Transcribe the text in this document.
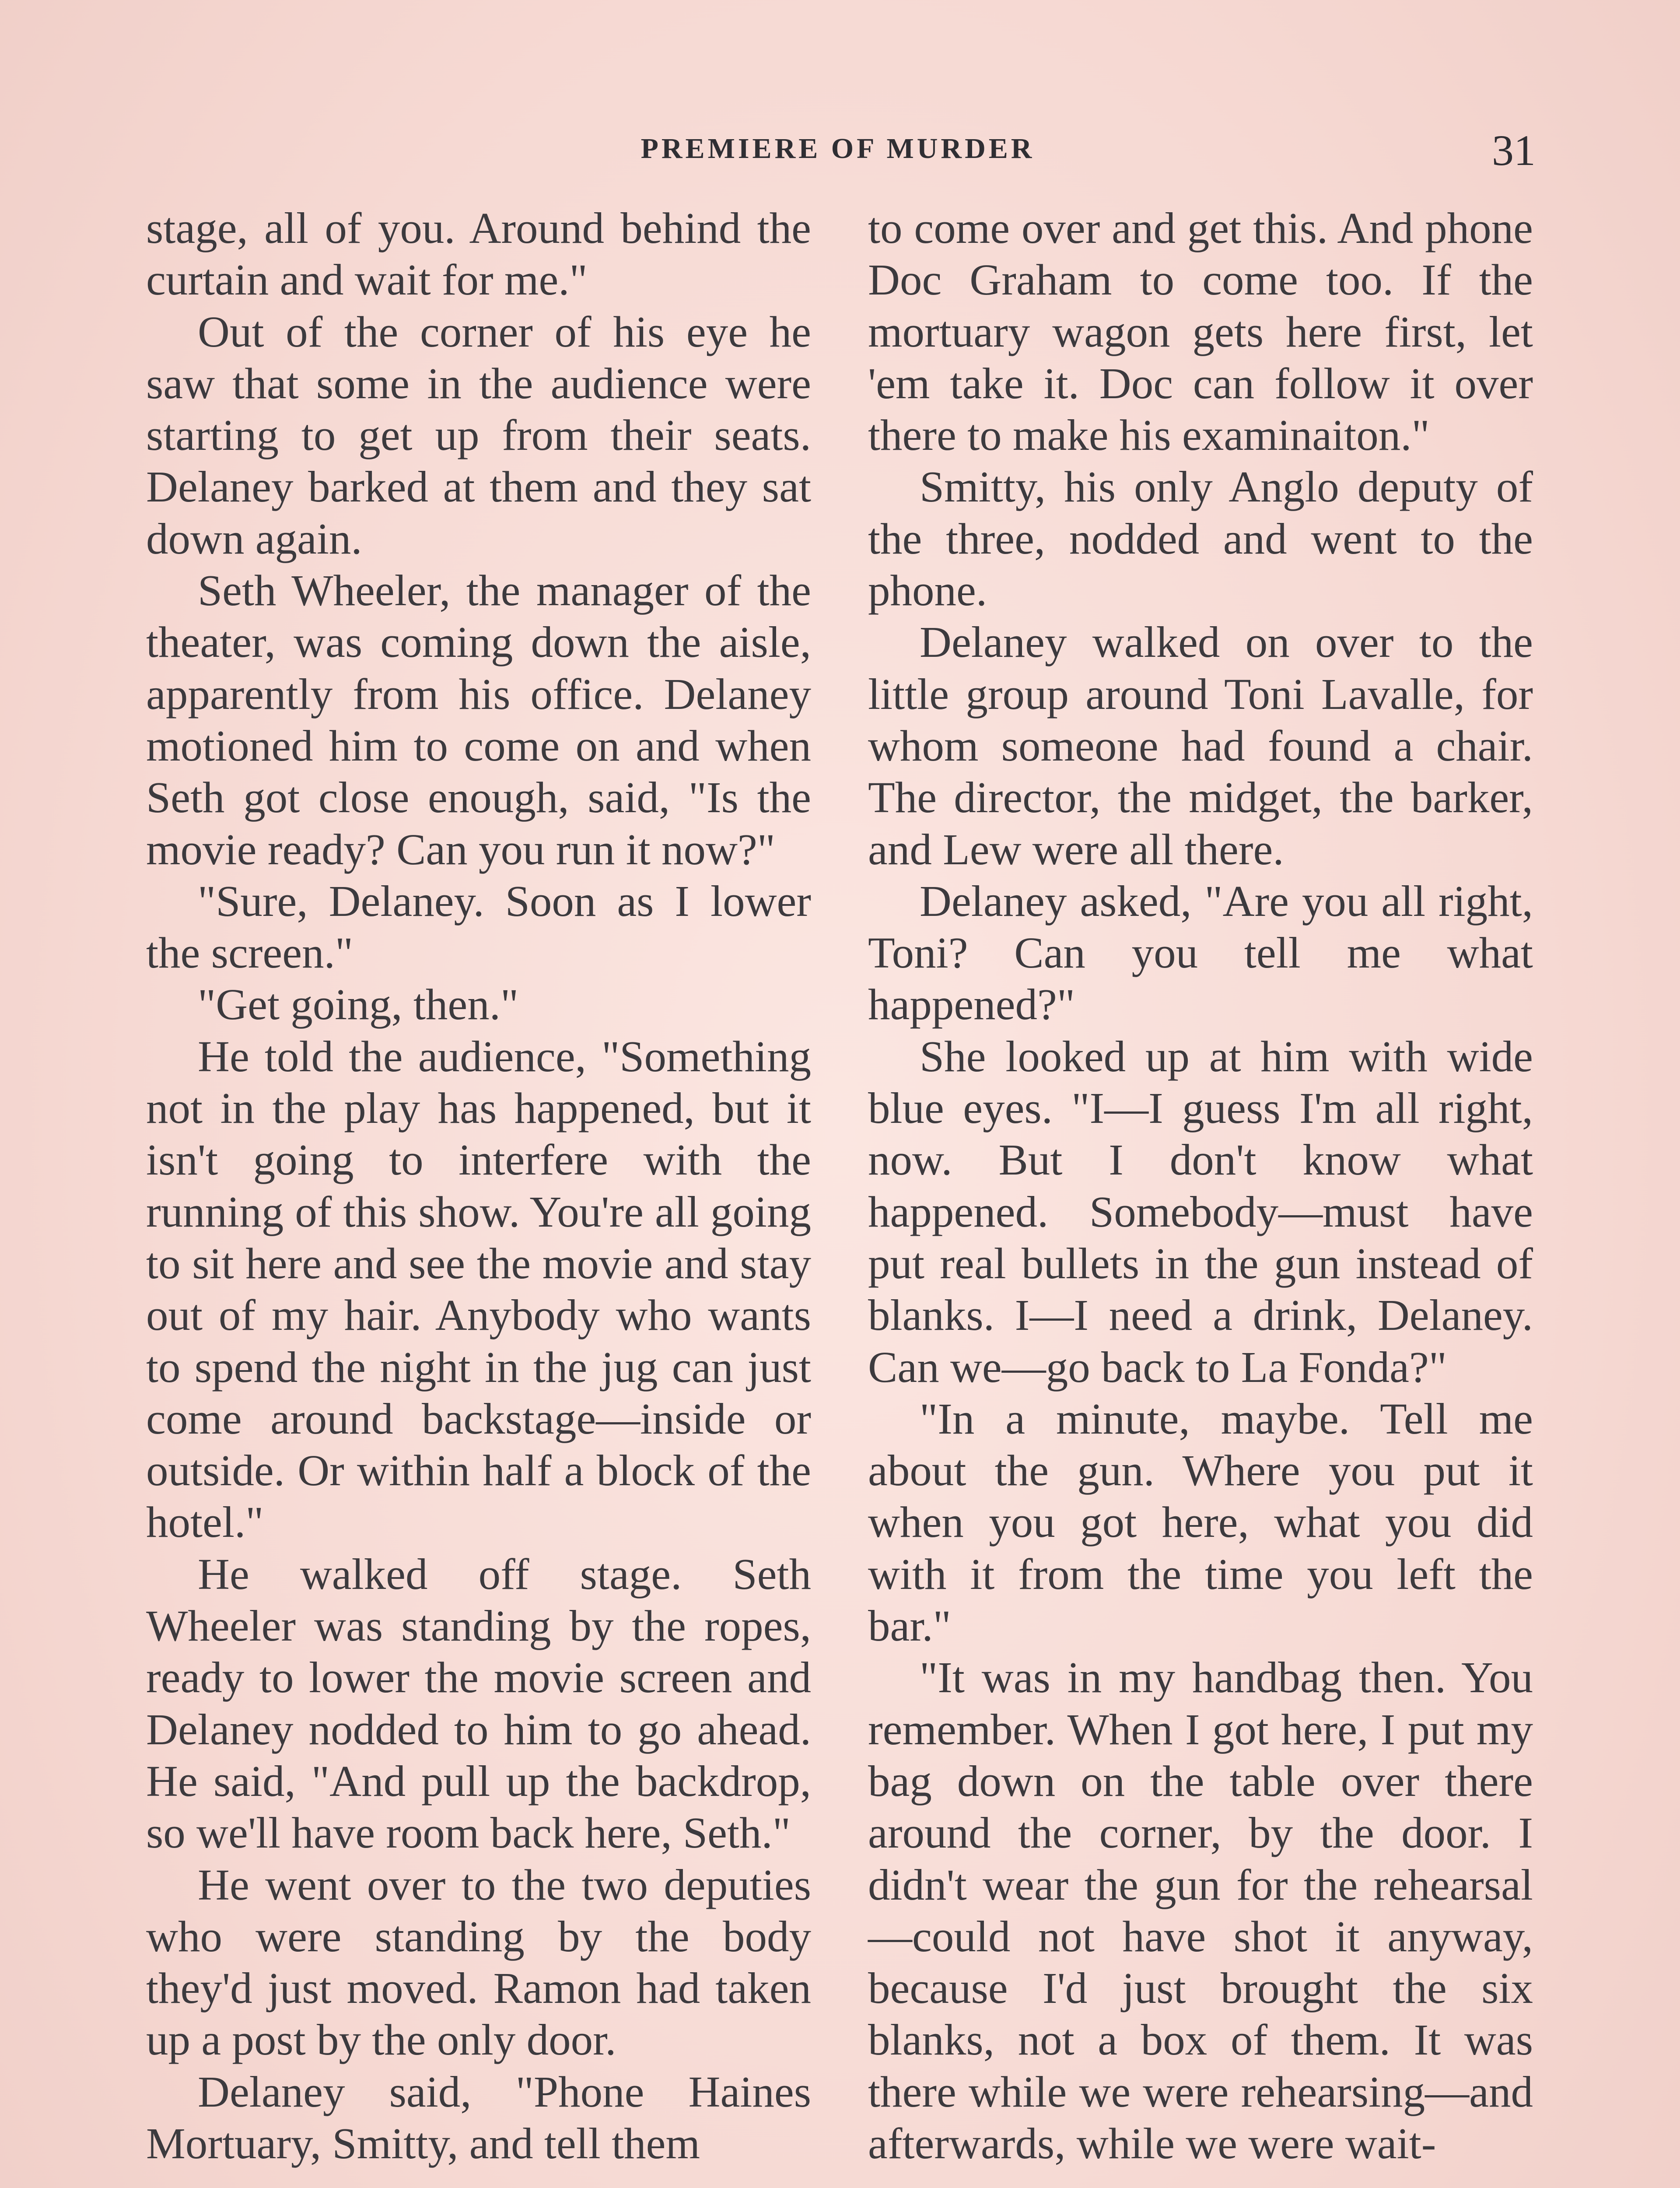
PREMIERE OF MURDER	31

stage, all of you. Around behind the curtain and wait for me."

Out of the corner of his eye he saw that some in the audience were starting to get up from their seats. Delaney barked at them and they sat down again.

Seth Wheeler, the manager of the theater, was coming down the aisle, apparently from his office. Delaney motioned him to come on and when Seth got close enough, said, "Is the movie ready? Can you run it now?"

"Sure, Delaney. Soon as I lower the screen."

"Get going, then."

He told the audience, "Something not in the play has happened, but it isn't going to interfere with the running of this show. You're all going to sit here and see the movie and stay out of my hair. Anybody who wants to spend the night in the jug can just come around backstage—inside or outside. Or within half a block of the hotel."

He walked off stage. Seth Wheeler was standing by the ropes, ready to lower the movie screen and Delaney nodded to him to go ahead. He said, "And pull up the backdrop, so we'll have room back here, Seth."

He went over to the two deputies who were standing by the body they'd just moved. Ramon had taken up a post by the only door.

Delaney said, "Phone Haines Mortuary, Smitty, and tell them

to come over and get this. And phone Doc Graham to come too. If the mortuary wagon gets here first, let 'em take it. Doc can follow it over there to make his examinaiton."

Smitty, his only Anglo deputy of the three, nodded and went to the phone.

Delaney walked on over to the little group around Toni Lavalle, for whom someone had found a chair. The director, the midget, the barker, and Lew were all there.

Delaney asked, "Are you all right, Toni? Can you tell me what happened?"

She looked up at him with wide blue eyes. "I—I guess I'm all right, now. But I don't know what happened. Somebody—must have put real bullets in the gun instead of blanks. I—I need a drink, Delaney. Can we—go back to La Fonda?"

"In a minute, maybe. Tell me about the gun. Where you put it when you got here, what you did with it from the time you left the bar."

"It was in my handbag then. You remember. When I got here, I put my bag down on the table over there around the corner, by the door. I didn't wear the gun for the rehearsal—could not have shot it anyway, because I'd just brought the six blanks, not a box of them. It was there while we were rehearsing—and afterwards, while we were wait-
